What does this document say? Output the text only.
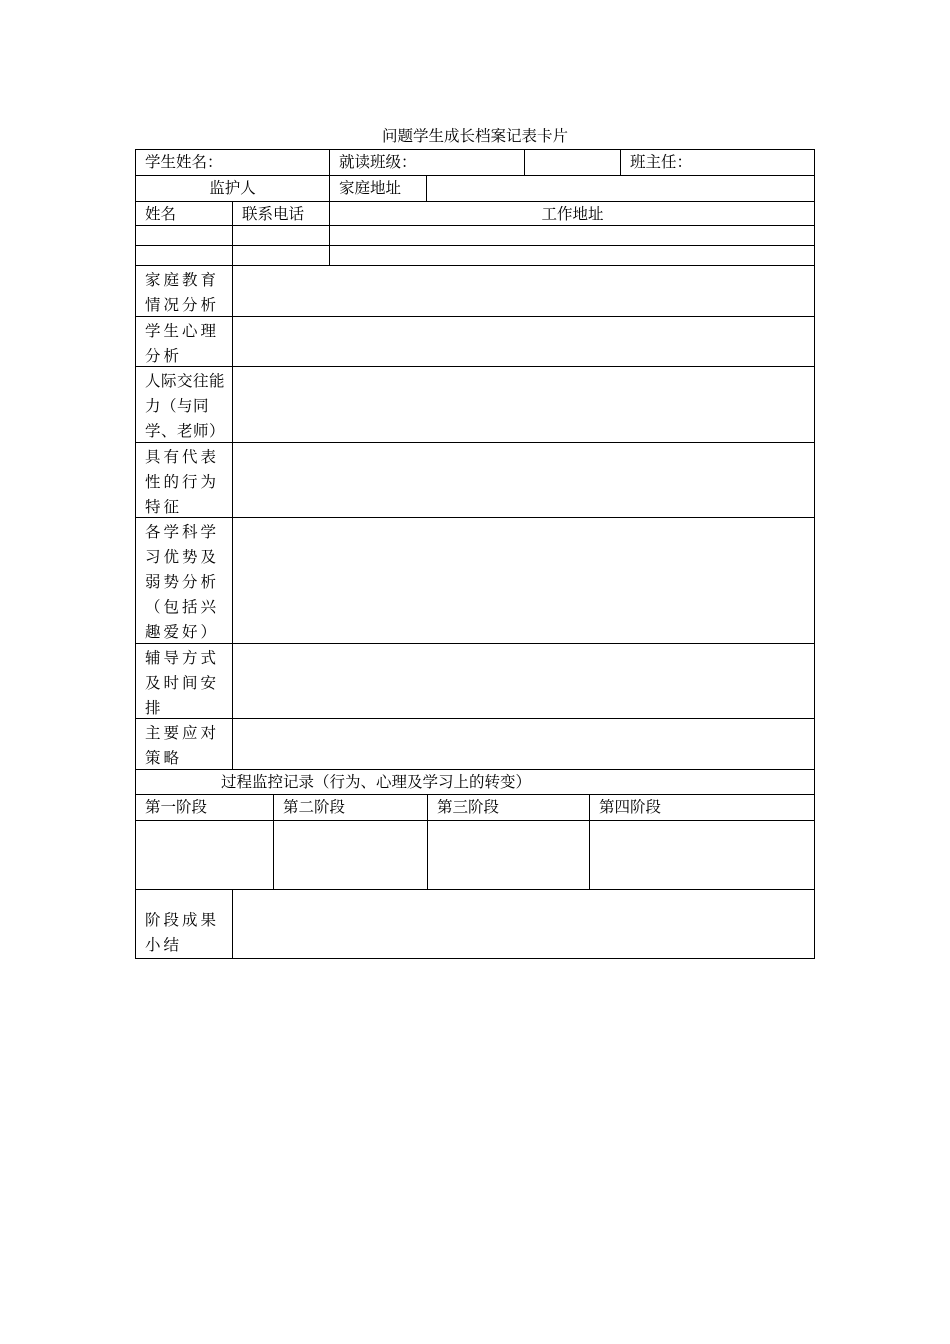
问题学生成长档案记表卡片
学生姓名：	就读班级：	班主任：
监护人	家庭地址
姓名	联系电话	工作地址
家庭教育情况分析
学生心理分析
人际交往能力（与同学、老师）
具有代表性的行为特征
各学科学习优势及弱势分析（包括兴趣爱好）
辅导方式及时间安排
主要应对策略
过程监控记录（行为、心理及学习上的转变）
第一阶段	第二阶段	第三阶段	第四阶段
阶段成果小结
